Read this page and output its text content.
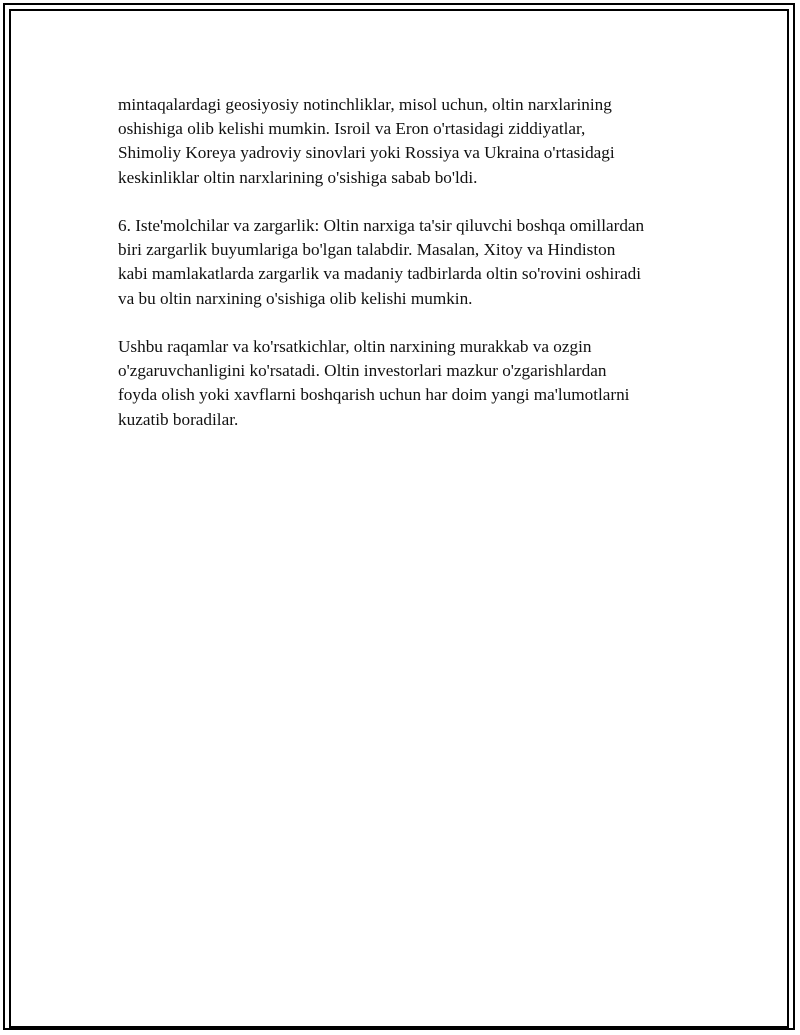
mintaqalardagi geosiyosiy notinchliklar, misol uchun, oltin narxlarining
oshishiga olib kelishi mumkin. Isroil va Eron o'rtasidagi ziddiyatlar,
Shimoliy Koreya yadroviy sinovlari yoki Rossiya va Ukraina o'rtasidagi
keskinliklar oltin narxlarining o'sishiga sabab bo'ldi.

6. Iste'molchilar va zargarlik: Oltin narxiga ta'sir qiluvchi boshqa omillardan
biri zargarlik buyumlariga bo'lgan talabdir. Masalan, Xitoy va Hindiston
kabi mamlakatlarda zargarlik va madaniy tadbirlarda oltin so'rovini oshiradi
va bu oltin narxining o'sishiga olib kelishi mumkin.

Ushbu raqamlar va ko'rsatkichlar, oltin narxining murakkab va ozgin
o'zgaruvchanligini ko'rsatadi. Oltin investorlari mazkur o'zgarishlardan
foyda olish yoki xavflarni boshqarish uchun har doim yangi ma'lumotlarni
kuzatib boradilar.
